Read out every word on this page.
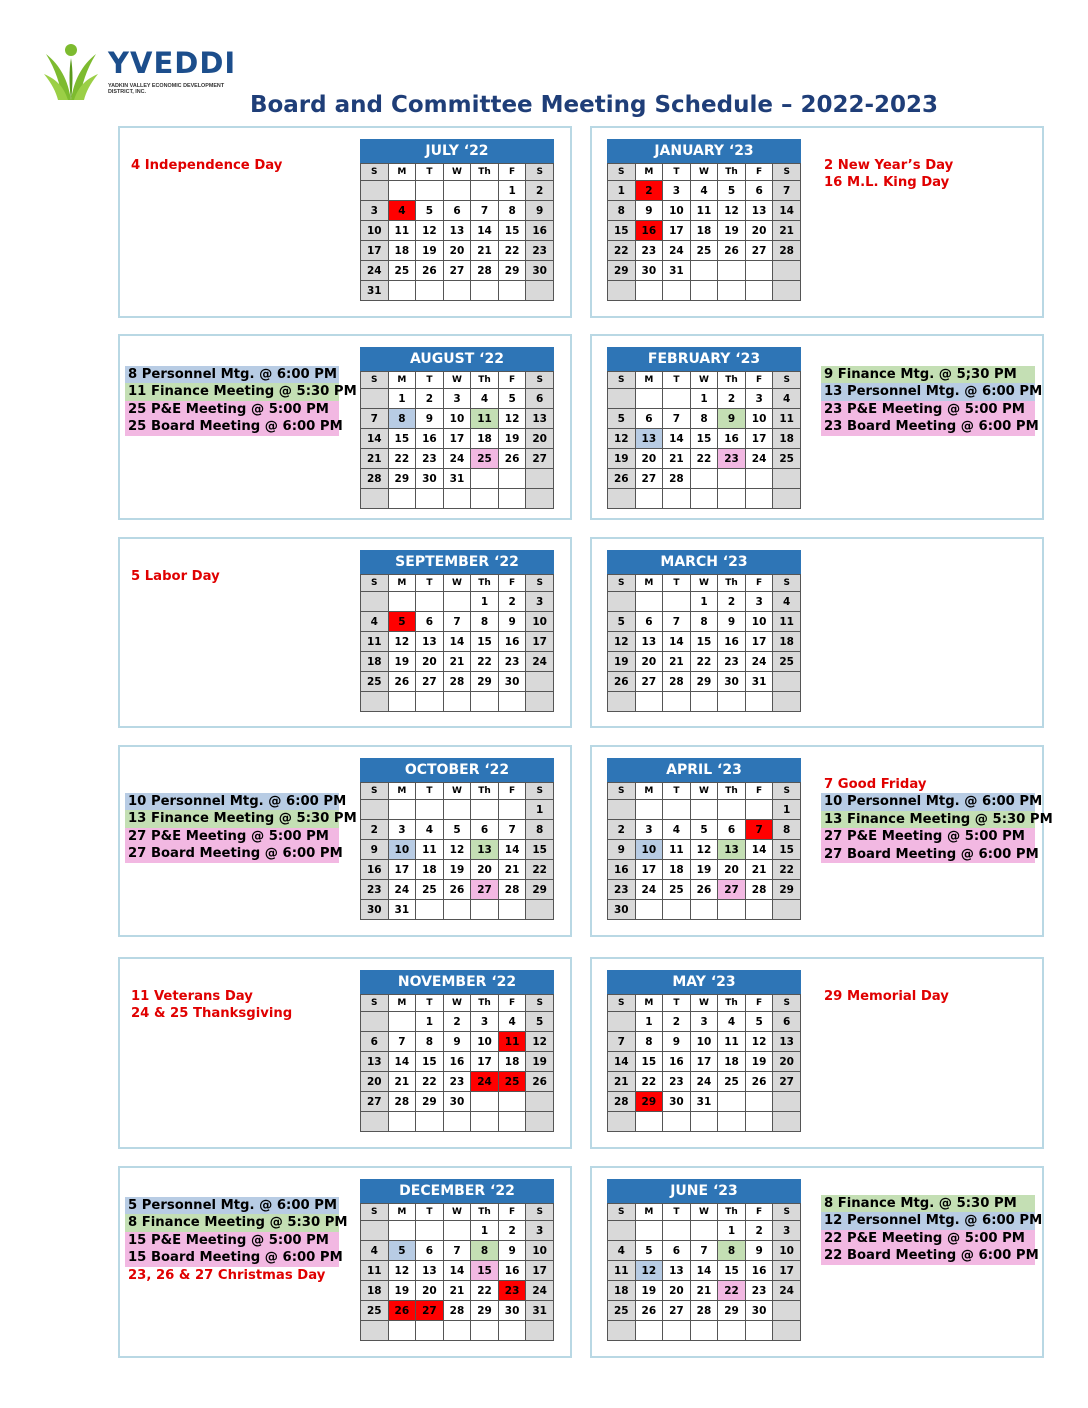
YVEDDI
YADKIN VALLEY ECONOMIC DEVELOPMENT DISTRICT, INC.	Board and Committee Meeting Schedule – 2022-2023
JULY ‘22
S	M	T	W	Th	F	S
					1	2
3	4	5	6	7	8	9
10	11	12	13	14	15	16
17	18	19	20	21	22	23
24	25	26	27	28	29	30
31						
4 Independence Day
JANUARY ‘23
S	M	T	W	Th	F	S
1	2	3	4	5	6	7
8	9	10	11	12	13	14
15	16	17	18	19	20	21
22	23	24	25	26	27	28
29	30	31				

2 New Year’s Day
16 M.L. King Day
AUGUST ‘22
S	M	T	W	Th	F	S
	1	2	3	4	5	6
7	8	9	10	11	12	13
14	15	16	17	18	19	20
21	22	23	24	25	26	27
28	29	30	31			

8 Personnel Mtg. @ 6:00 PM
11 Finance Meeting @ 5:30 PM
25 P&E Meeting @ 5:00 PM
25 Board Meeting @ 6:00 PM
FEBRUARY ‘23
S	M	T	W	Th	F	S
			1	2	3	4
5	6	7	8	9	10	11
12	13	14	15	16	17	18
19	20	21	22	23	24	25
26	27	28				

9 Finance Mtg. @ 5;30 PM
13 Personnel Mtg. @ 6:00 PM
23 P&E Meeting @ 5:00 PM
23 Board Meeting @ 6:00 PM
SEPTEMBER ‘22
S	M	T	W	Th	F	S
				1	2	3
4	5	6	7	8	9	10
11	12	13	14	15	16	17
18	19	20	21	22	23	24
25	26	27	28	29	30	

5 Labor Day
MARCH ‘23
S	M	T	W	Th	F	S
			1	2	3	4
5	6	7	8	9	10	11
12	13	14	15	16	17	18
19	20	21	22	23	24	25
26	27	28	29	30	31	

OCTOBER ‘22
S	M	T	W	Th	F	S
						1
2	3	4	5	6	7	8
9	10	11	12	13	14	15
16	17	18	19	20	21	22
23	24	25	26	27	28	29
30	31					
10 Personnel Mtg. @ 6:00 PM
13 Finance Meeting @ 5:30 PM
27 P&E Meeting @ 5:00 PM
27 Board Meeting @ 6:00 PM
APRIL ‘23
S	M	T	W	Th	F	S
						1
2	3	4	5	6	7	8
9	10	11	12	13	14	15
16	17	18	19	20	21	22
23	24	25	26	27	28	29
30						
7 Good Friday
10 Personnel Mtg. @ 6:00 PM
13 Finance Meeting @ 5:30 PM
27 P&E Meeting @ 5:00 PM
27 Board Meeting @ 6:00 PM
NOVEMBER ‘22
S	M	T	W	Th	F	S
		1	2	3	4	5
6	7	8	9	10	11	12
13	14	15	16	17	18	19
20	21	22	23	24	25	26
27	28	29	30			

11 Veterans Day
24 & 25 Thanksgiving
MAY ‘23
S	M	T	W	Th	F	S
	1	2	3	4	5	6
7	8	9	10	11	12	13
14	15	16	17	18	19	20
21	22	23	24	25	26	27
28	29	30	31			

29 Memorial Day
DECEMBER ‘22
S	M	T	W	Th	F	S
				1	2	3
4	5	6	7	8	9	10
11	12	13	14	15	16	17
18	19	20	21	22	23	24
25	26	27	28	29	30	31

5 Personnel Mtg. @ 6:00 PM
8 Finance Meeting @ 5:30 PM
15 P&E Meeting @ 5:00 PM
15 Board Meeting @ 6:00 PM
23, 26 & 27 Christmas Day
JUNE ‘23
S	M	T	W	Th	F	S
				1	2	3
4	5	6	7	8	9	10
11	12	13	14	15	16	17
18	19	20	21	22	23	24
25	26	27	28	29	30	

8 Finance Mtg. @ 5:30 PM
12 Personnel Mtg. @ 6:00 PM
22 P&E Meeting @ 5:00 PM
22 Board Meeting @ 6:00 PM
